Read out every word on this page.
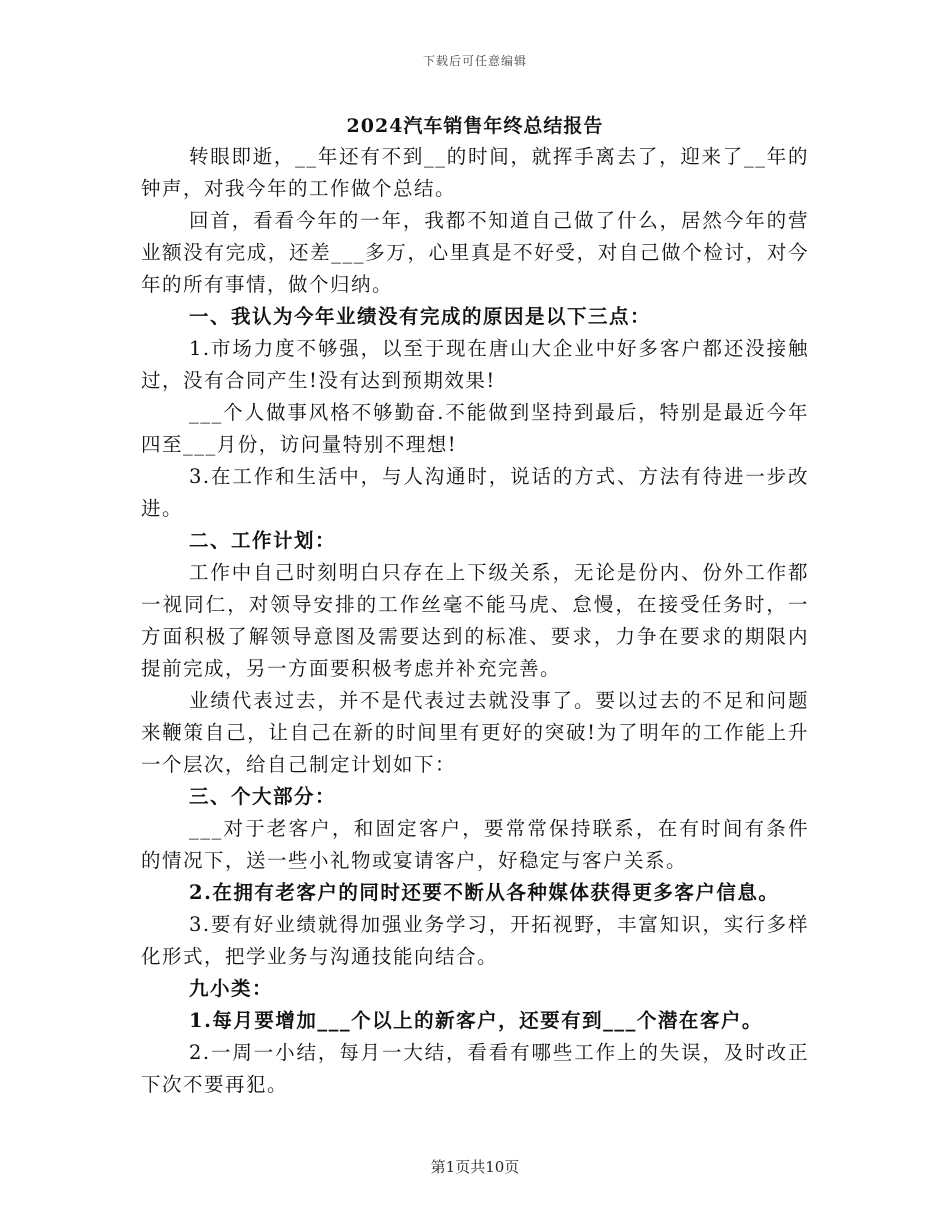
下载后可任意编辑
2024汽车销售年终总结报告

转眼即逝，__年还有不到__的时间，就挥手离去了，迎来了__年的钟声，对我今年的工作做个总结。

回首，看看今年的一年，我都不知道自己做了什么，居然今年的营业额没有完成，还差___多万，心里真是不好受，对自己做个检讨，对今年的所有事情，做个归纳。

一、我认为今年业绩没有完成的原因是以下三点：

1.市场力度不够强，以至于现在唐山大企业中好多客户都还没接触过，没有合同产生!没有达到预期效果!

___个人做事风格不够勤奋.不能做到坚持到最后，特别是最近今年四至___月份，访问量特别不理想!

3.在工作和生活中，与人沟通时，说话的方式、方法有待进一步改进。

二、工作计划：

工作中自己时刻明白只存在上下级关系，无论是份内、份外工作都一视同仁，对领导安排的工作丝毫不能马虎、怠慢，在接受任务时，一方面积极了解领导意图及需要达到的标准、要求，力争在要求的期限内提前完成，另一方面要积极考虑并补充完善。

业绩代表过去，并不是代表过去就没事了。要以过去的不足和问题来鞭策自己，让自己在新的时间里有更好的突破!为了明年的工作能上升一个层次，给自己制定计划如下：

三、个大部分：

___对于老客户，和固定客户，要常常保持联系，在有时间有条件的情况下，送一些小礼物或宴请客户，好稳定与客户关系。

2.在拥有老客户的同时还要不断从各种媒体获得更多客户信息。

3.要有好业绩就得加强业务学习，开拓视野，丰富知识，实行多样化形式，把学业务与沟通技能向结合。

九小类：

1.每月要增加___个以上的新客户，还要有到___个潜在客户。

2.一周一小结，每月一大结，看看有哪些工作上的失误，及时改正下次不要再犯。

第1页共10页
